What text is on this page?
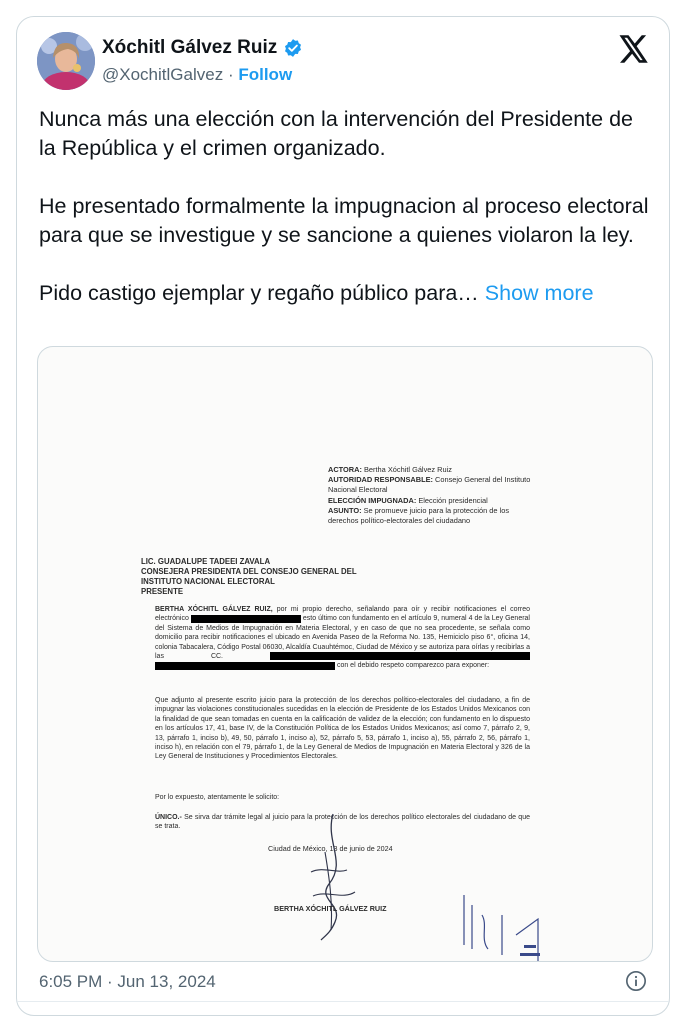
Xóchitl Gálvez Ruiz
@XochitlGalvez · Follow

Nunca más una elección con la intervención del Presidente de la República y el crimen organizado.

He presentado formalmente la impugnacion al proceso electoral para que se investigue y se sancione a quienes violaron la ley.

Pido castigo ejemplar y regaño público para… Show more

ACTORA: Bertha Xóchitl Gálvez Ruiz
AUTORIDAD RESPONSABLE: Consejo General del Instituto Nacional Electoral
ELECCIÓN IMPUGNADA: Elección presidencial
ASUNTO: Se promueve juicio para la protección de los derechos político-electorales del ciudadano
LIC. GUADALUPE TADEEI ZAVALA
CONSEJERA PRESIDENTA DEL CONSEJO GENERAL DEL
INSTITUTO NACIONAL ELECTORAL
PRESENTE
BERTHA XÓCHITL GÁLVEZ RUIZ, por mi propio derecho, señalando para oír y recibir notificaciones el correo electrónico	esto último con fundamento en el artículo 9, numeral 4 de la Ley General del Sistema de Medios de Impugnación en Materia Electoral, y en caso de que no sea procedente, se señala como domicilio para recibir notificaciones el ubicado en Avenida Paseo de la Reforma No. 135, Hemiciclo piso 6°, oficina 14, colonia Tabacalera, Código Postal 06030, Alcaldía Cuauhtémoc, Ciudad de México y se autoriza para oírlas y recibirlas a las CC.  con el debido respeto comparezco para exponer:
Que adjunto al presente escrito juicio para la protección de los derechos político-electorales del ciudadano, a fin de impugnar las violaciones constitucionales sucedidas en la elección de Presidente de los Estados Unidos Mexicanos con la finalidad de que sean tomadas en cuenta en la calificación de validez de la elección; con fundamento en lo dispuesto en los artículos 17, 41, base IV, de la Constitución Política de los Estados Unidos Mexicanos; así como 7, párrafo 2, 9, 13, párrafo 1, inciso b), 49, 50, párrafo 1, inciso a), 52, párrafo 5, 53, párrafo 1, inciso a), 55, párrafo 2, 56, párrafo 1, inciso h), en relación con el 79, párrafo 1, de la Ley General de Medios de Impugnación en Materia Electoral y 326 de la Ley General de Instituciones y Procedimientos Electorales.
Por lo expuesto, atentamente le solicito:
ÚNICO.- Se sirva dar trámite legal al juicio para la protección de los derechos político electorales del ciudadano de que se trata.
Ciudad de México, 13 de junio de 2024
BERTHA XÓCHITL GÁLVEZ RUIZ
6:05 PM · Jun 13, 2024
